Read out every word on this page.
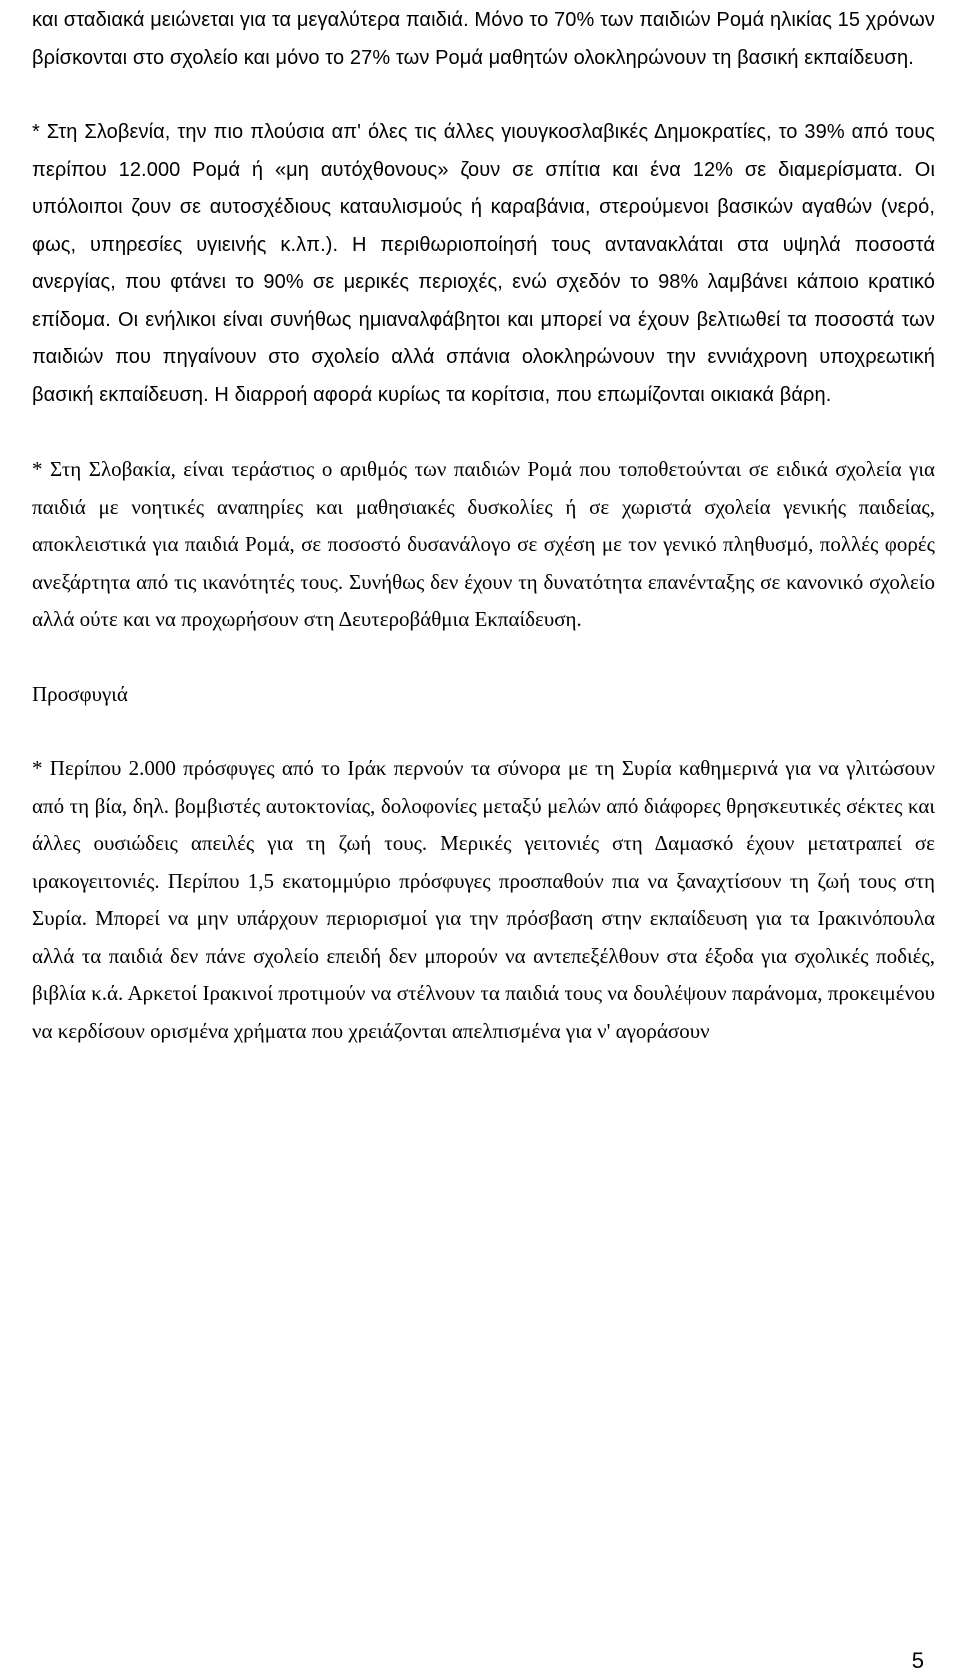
και σταδιακά μειώνεται για τα μεγαλύτερα παιδιά. Μόνο το 70% των παιδιών Ρομά ηλικίας 15 χρόνων βρίσκονται στο σχολείο και μόνο το 27% των Ρομά μαθητών ολοκληρώνουν τη βασική εκπαίδευση.

* Στη Σλοβενία, την πιο πλούσια απ' όλες τις άλλες γιουγκοσλαβικές Δημοκρατίες, το 39% από τους περίπου 12.000 Ρομά ή «μη αυτόχθονους» ζουν σε σπίτια και ένα 12% σε διαμερίσματα. Οι υπόλοιποι ζουν σε αυτοσχέδιους καταυλισμούς ή καραβάνια, στερούμενοι βασικών αγαθών (νερό, φως, υπηρεσίες υγιεινής κ.λπ.). Η περιθωριοποίησή τους αντανακλάται στα υψηλά ποσοστά ανεργίας, που φτάνει το 90% σε μερικές περιοχές, ενώ σχεδόν το 98% λαμβάνει κάποιο κρατικό επίδομα. Οι ενήλικοι είναι συνήθως ημιαναλφάβητοι και μπορεί να έχουν βελτιωθεί τα ποσοστά των παιδιών που πηγαίνουν στο σχολείο αλλά σπάνια ολοκληρώνουν την εννιάχρονη υποχρεωτική βασική εκπαίδευση. Η διαρροή αφορά κυρίως τα κορίτσια, που επωμίζονται οικιακά βάρη.

* Στη Σλοβακία, είναι τεράστιος ο αριθμός των παιδιών Ρομά που τοποθετούνται σε ειδικά σχολεία για παιδιά με νοητικές αναπηρίες και μαθησιακές δυσκολίες ή σε χωριστά σχολεία γενικής παιδείας, αποκλειστικά για παιδιά Ρομά, σε ποσοστό δυσανάλογο σε σχέση με τον γενικό πληθυσμό, πολλές φορές ανεξάρτητα από τις ικανότητές τους. Συνήθως δεν έχουν τη δυνατότητα επανένταξης σε κανονικό σχολείο αλλά ούτε και να προχωρήσουν στη Δευτεροβάθμια Εκπαίδευση.

Προσφυγιά

* Περίπου 2.000 πρόσφυγες από το Ιράκ περνούν τα σύνορα με τη Συρία καθημερινά για να γλιτώσουν από τη βία, δηλ. βομβιστές αυτοκτονίας, δολοφονίες μεταξύ μελών από διάφορες θρησκευτικές σέκτες και άλλες ουσιώδεις απειλές για τη ζωή τους. Μερικές γειτονιές στη Δαμασκό έχουν μετατραπεί σε ιρακογειτονιές. Περίπου 1,5 εκατομμύριο πρόσφυγες προσπαθούν πια να ξαναχτίσουν τη ζωή τους στη Συρία. Μπορεί να μην υπάρχουν περιορισμοί για την πρόσβαση στην εκπαίδευση για τα Ιρακινόπουλα αλλά τα παιδιά δεν πάνε σχολείο επειδή δεν μπορούν να αντεπεξέλθουν στα έξοδα για σχολικές ποδιές, βιβλία κ.ά. Αρκετοί Ιρακινοί προτιμούν να στέλνουν τα παιδιά τους να δουλέψουν παράνομα, προκειμένου να κερδίσουν ορισμένα χρήματα που χρειάζονται απελπισμένα για ν' αγοράσουν

5
